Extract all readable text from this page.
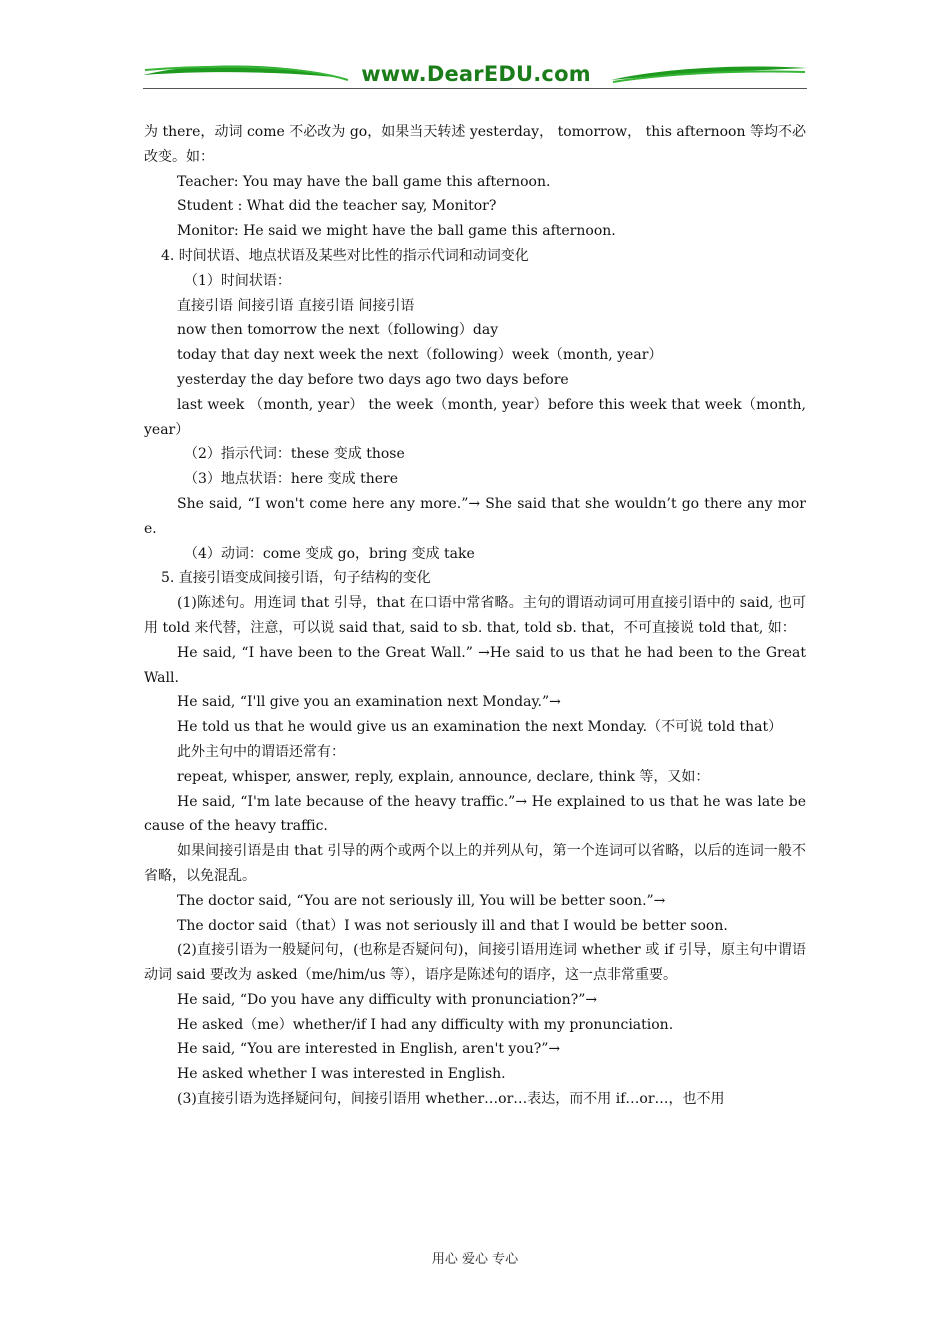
www.DearEDU.com

为 there，动词 come 不必改为 go，如果当天转述 yesterday， tomorrow， this afternoon 等均不必改变。如：

Teacher: You may have the ball game this afternoon.

Student : What did the teacher say, Monitor?

Monitor: He said we might have the ball game this afternoon.

4. 时间状语、地点状语及某些对比性的指示代词和动词变化

（1）时间状语：

直接引语 间接引语 直接引语 间接引语

now then tomorrow the next（following）day

today that day next week the next（following）week（month, year）

yesterday the day before two days ago two days before

last week （month, year） the week（month, year）before this week that week（month, year）

（2）指示代词：these 变成 those

（3）地点状语：here 变成 there

She said, “I won't come here any more.”→ She said that she wouldn’t go there any more.

（4）动词：come 变成 go，bring 变成 take

5. 直接引语变成间接引语，句子结构的变化

(1)陈述句。用连词 that 引导，that 在口语中常省略。主句的谓语动词可用直接引语中的 said, 也可用 told 来代替，注意，可以说 said that, said to sb. that, told sb. that，不可直接说 told that, 如：

He said, “I have been to the Great Wall.” →He said to us that he had been to the Great Wall.

He said, “I'll give you an examination next Monday.”→

He told us that he would give us an examination the next Monday.（不可说 told that）

此外主句中的谓语还常有：

repeat, whisper, answer, reply, explain, announce, declare, think 等，又如：

He said, “I'm late because of the heavy traffic.”→ He explained to us that he was late because of the heavy traffic.

如果间接引语是由 that 引导的两个或两个以上的并列从句，第一个连词可以省略，以后的连词一般不省略，以免混乱。

The doctor said, “You are not seriously ill, You will be better soon.”→

The doctor said（that）I was not seriously ill and that I would be better soon.

(2)直接引语为一般疑问句，(也称是否疑问句)，间接引语用连词 whether 或 if 引导，原主句中谓语动词 said 要改为 asked（me/him/us 等），语序是陈述句的语序，这一点非常重要。

He said, “Do you have any difficulty with pronunciation?”→

He asked（me）whether/if I had any difficulty with my pronunciation.

He said, “You are interested in English, aren't you?”→

He asked whether I was interested in English.

(3)直接引语为选择疑问句，间接引语用 whether…or…表达，而不用 if…or…，也不用

用心 爱心 专心
